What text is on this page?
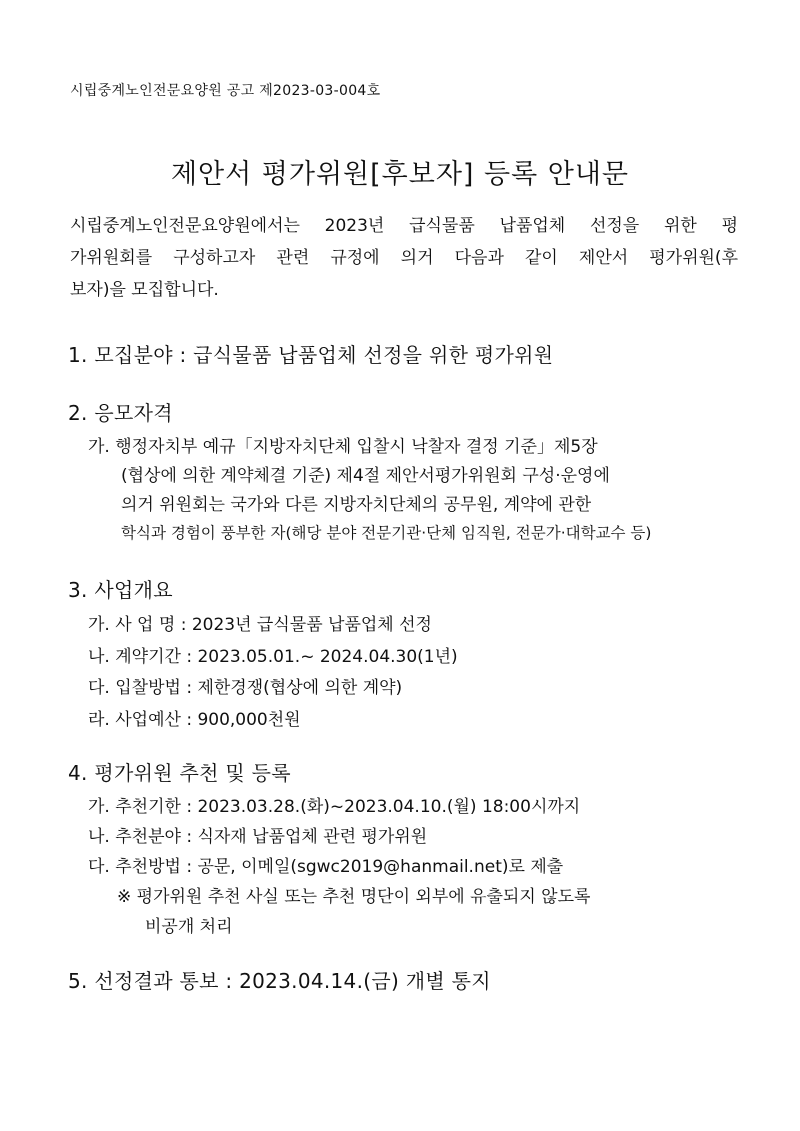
시립중계노인전문요양원 공고 제2023-03-004호
제안서 평가위원[후보자] 등록 안내문
시립중계노인전문요양원에서는 2023년 급식물품 납품업체 선정을 위한 평
가위원회를 구성하고자 관련 규정에 의거 다음과 같이 제안서 평가위원(후
보자)을 모집합니다.
1. 모집분야 : 급식물품 납품업체 선정을 위한 평가위원
2. 응모자격
가. 행정자치부 예규「지방자치단체 입찰시 낙찰자 결정 기준」제5장
(협상에 의한 계약체결 기준) 제4절 제안서평가위원회 구성·운영에
의거 위원회는 국가와 다른 지방자치단체의 공무원, 계약에 관한
학식과 경험이 풍부한 자(해당 분야 전문기관·단체 임직원, 전문가·대학교수 등)
3. 사업개요
가. 사 업 명 : 2023년 급식물품 납품업체 선정
나. 계약기간 : 2023.05.01.~ 2024.04.30(1년)
다. 입찰방법 : 제한경쟁(협상에 의한 계약)
라. 사업예산 : 900,000천원
4. 평가위원 추천 및 등록
가. 추천기한 : 2023.03.28.(화)~2023.04.10.(월) 18:00시까지
나. 추천분야 : 식자재 납품업체 관련 평가위원
다. 추천방법 : 공문, 이메일(sgwc2019@hanmail.net)로 제출
※ 평가위원 추천 사실 또는 추천 명단이 외부에 유출되지 않도록
비공개 처리
5. 선정결과 통보 : 2023.04.14.(금) 개별 통지
